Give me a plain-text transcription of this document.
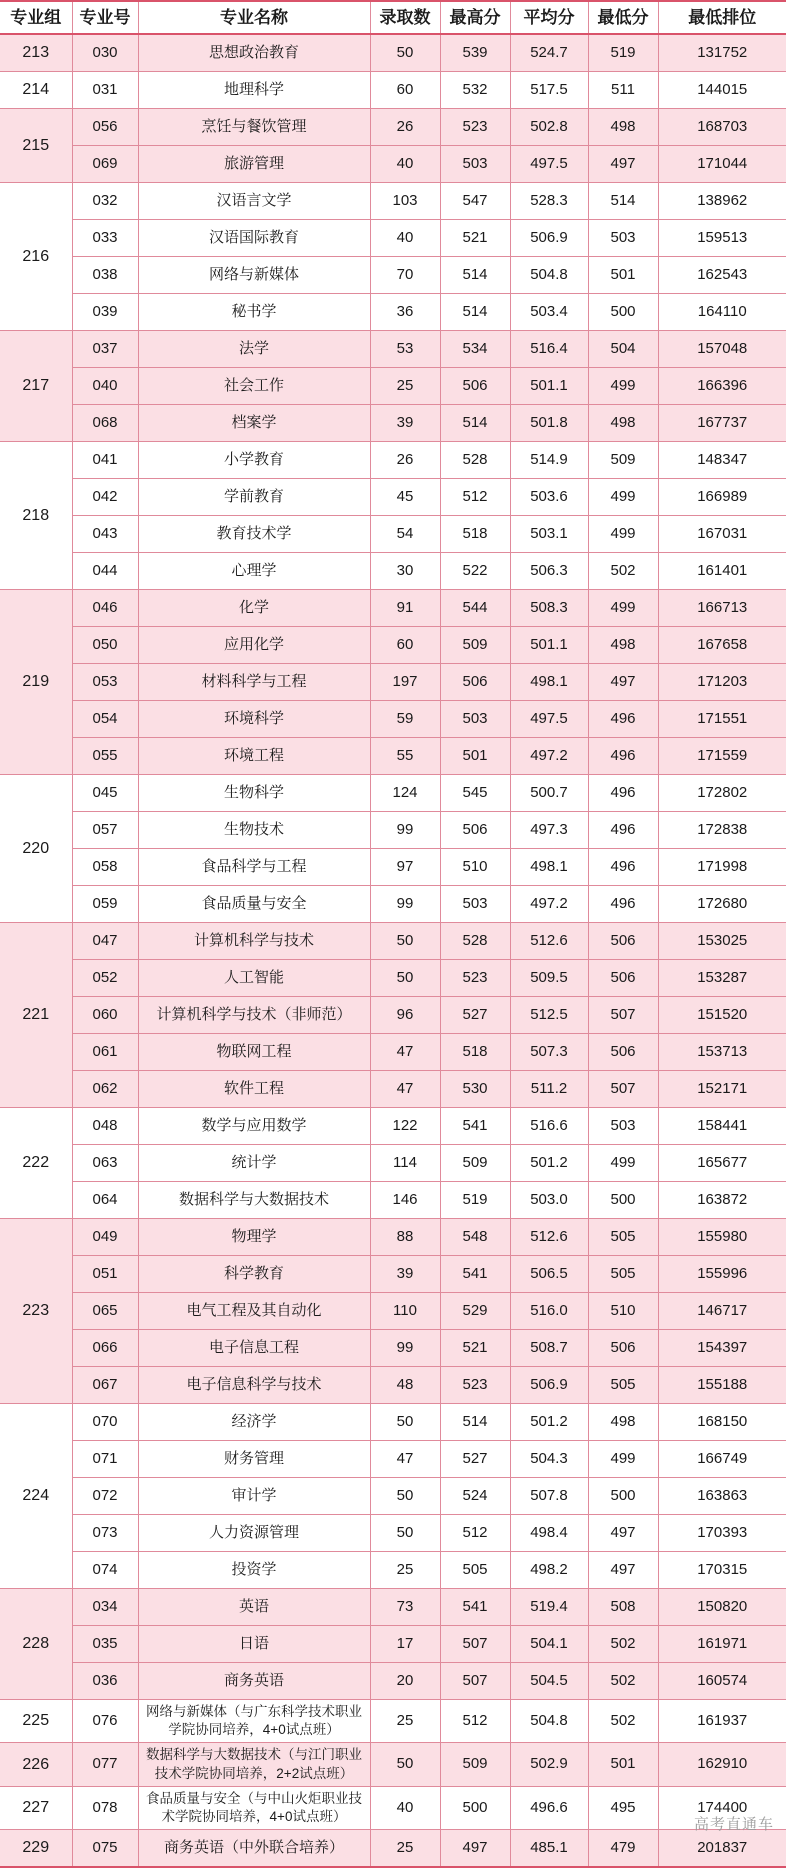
专业组	专业号	专业名称	录取数	最高分	平均分	最低分	最低排位
213	030	思想政治教育	50	539	524.7	519	131752
214	031	地理科学	60	532	517.5	511	144015
215	056	烹饪与餐饮管理	26	523	502.8	498	168703
	069	旅游管理	40	503	497.5	497	171044
216	032	汉语言文学	103	547	528.3	514	138962
	033	汉语国际教育	40	521	506.9	503	159513
	038	网络与新媒体	70	514	504.8	501	162543
	039	秘书学	36	514	503.4	500	164110
217	037	法学	53	534	516.4	504	157048
	040	社会工作	25	506	501.1	499	166396
	068	档案学	39	514	501.8	498	167737
218	041	小学教育	26	528	514.9	509	148347
	042	学前教育	45	512	503.6	499	166989
	043	教育技术学	54	518	503.1	499	167031
	044	心理学	30	522	506.3	502	161401
219	046	化学	91	544	508.3	499	166713
	050	应用化学	60	509	501.1	498	167658
	053	材料科学与工程	197	506	498.1	497	171203
	054	环境科学	59	503	497.5	496	171551
	055	环境工程	55	501	497.2	496	171559
220	045	生物科学	124	545	500.7	496	172802
	057	生物技术	99	506	497.3	496	172838
	058	食品科学与工程	97	510	498.1	496	171998
	059	食品质量与安全	99	503	497.2	496	172680
221	047	计算机科学与技术	50	528	512.6	506	153025
	052	人工智能	50	523	509.5	506	153287
	060	计算机科学与技术（非师范）	96	527	512.5	507	151520
	061	物联网工程	47	518	507.3	506	153713
	062	软件工程	47	530	511.2	507	152171
222	048	数学与应用数学	122	541	516.6	503	158441
	063	统计学	114	509	501.2	499	165677
	064	数据科学与大数据技术	146	519	503.0	500	163872
223	049	物理学	88	548	512.6	505	155980
	051	科学教育	39	541	506.5	505	155996
	065	电气工程及其自动化	110	529	516.0	510	146717
	066	电子信息工程	99	521	508.7	506	154397
	067	电子信息科学与技术	48	523	506.9	505	155188
224	070	经济学	50	514	501.2	498	168150
	071	财务管理	47	527	504.3	499	166749
	072	审计学	50	524	507.8	500	163863
	073	人力资源管理	50	512	498.4	497	170393
	074	投资学	25	505	498.2	497	170315
228	034	英语	73	541	519.4	508	150820
	035	日语	17	507	504.1	502	161971
	036	商务英语	20	507	504.5	502	160574
225	076	网络与新媒体（与广东科学技术职业学院协同培养，4+0试点班）	25	512	504.8	502	161937
226	077	数据科学与大数据技术（与江门职业技术学院协同培养，2+2试点班）	50	509	502.9	501	162910
227	078	食品质量与安全（与中山火炬职业技术学院协同培养，4+0试点班）	40	500	496.6	495	174400
229	075	商务英语（中外联合培养）	25	497	485.1	479	201837
高考直通车
